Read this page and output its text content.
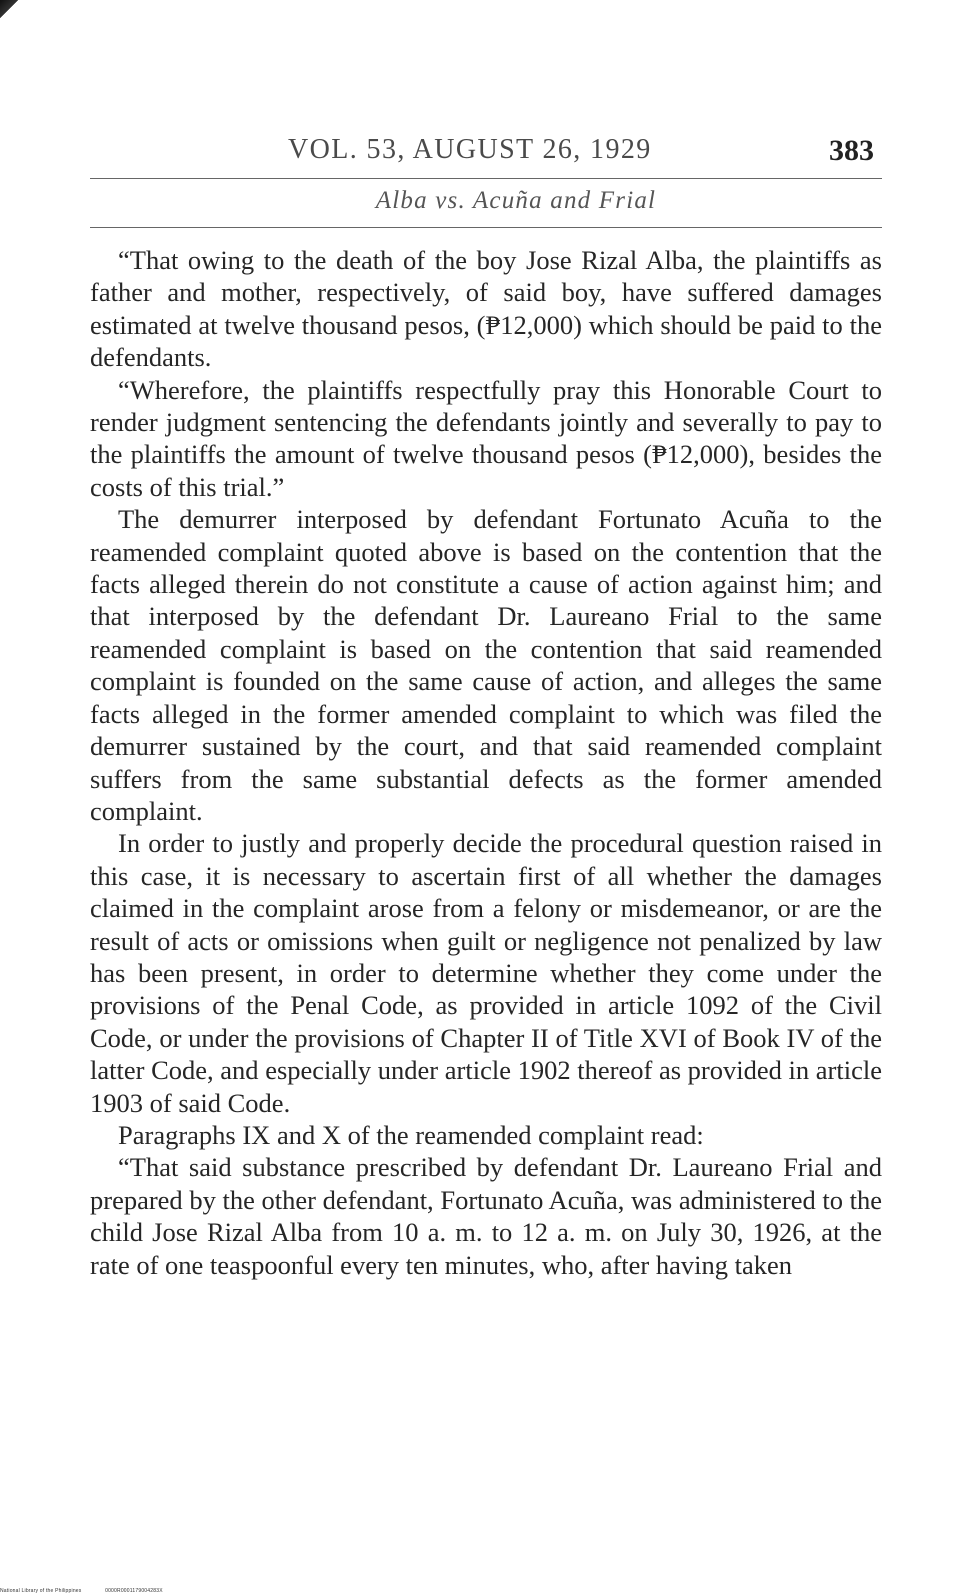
VOL. 53, AUGUST 26, 1929	383
Alba vs. Acuña and Frial

“That owing to the death of the boy Jose Rizal Alba, the plaintiffs as father and mother, respectively, of said boy, have suffered damages estimated at twelve thousand pesos, (₱12,000) which should be paid to the defendants.

“Wherefore, the plaintiffs respectfully pray this Honorable Court to render judgment sentencing the defendants jointly and severally to pay to the plaintiffs the amount of twelve thousand pesos (₱12,000), besides the costs of this trial.”

The demurrer interposed by defendant Fortunato Acuña to the reamended complaint quoted above is based on the contention that the facts alleged therein do not constitute a cause of action against him; and that interposed by the defendant Dr. Laureano Frial to the same reamended complaint is based on the contention that said reamended complaint is founded on the same cause of action, and alleges the same facts alleged in the former amended complaint to which was filed the demurrer sustained by the court, and that said reamended complaint suffers from the same substantial defects as the former amended complaint.

In order to justly and properly decide the procedural question raised in this case, it is necessary to ascertain first of all whether the damages claimed in the complaint arose from a felony or misdemeanor, or are the result of acts or omissions when guilt or negligence not penalized by law has been present, in order to determine whether they come under the provisions of the Penal Code, as provided in article 1092 of the Civil Code, or under the provisions of Chapter II of Title XVI of Book IV of the latter Code, and especially under article 1902 thereof as provided in article 1903 of said Code.

Paragraphs IX and X of the reamended complaint read:

“That said substance prescribed by defendant Dr. Laureano Frial and prepared by the other defendant, Fortunato Acuña, was administered to the child Jose Rizal Alba from 10 a. m. to 12 a. m. on July 30, 1926, at the rate of one teaspoonful every ten minutes, who, after having taken

National Library of the Philippines	0000R0001179004283X
